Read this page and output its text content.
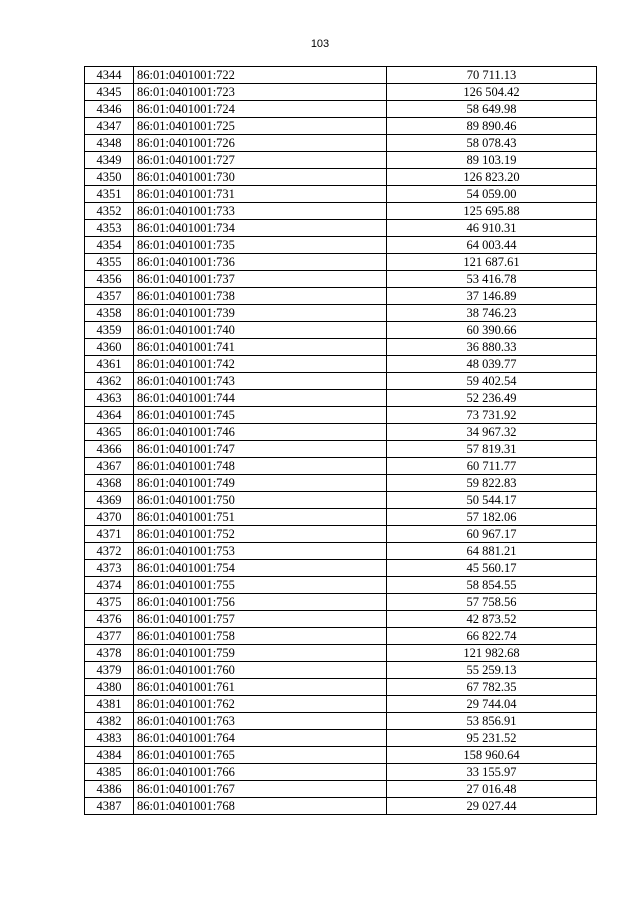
103
4344	86:01:0401001:722	70 711.13
4345	86:01:0401001:723	126 504.42
4346	86:01:0401001:724	58 649.98
4347	86:01:0401001:725	89 890.46
4348	86:01:0401001:726	58 078.43
4349	86:01:0401001:727	89 103.19
4350	86:01:0401001:730	126 823.20
4351	86:01:0401001:731	54 059.00
4352	86:01:0401001:733	125 695.88
4353	86:01:0401001:734	46 910.31
4354	86:01:0401001:735	64 003.44
4355	86:01:0401001:736	121 687.61
4356	86:01:0401001:737	53 416.78
4357	86:01:0401001:738	37 146.89
4358	86:01:0401001:739	38 746.23
4359	86:01:0401001:740	60 390.66
4360	86:01:0401001:741	36 880.33
4361	86:01:0401001:742	48 039.77
4362	86:01:0401001:743	59 402.54
4363	86:01:0401001:744	52 236.49
4364	86:01:0401001:745	73 731.92
4365	86:01:0401001:746	34 967.32
4366	86:01:0401001:747	57 819.31
4367	86:01:0401001:748	60 711.77
4368	86:01:0401001:749	59 822.83
4369	86:01:0401001:750	50 544.17
4370	86:01:0401001:751	57 182.06
4371	86:01:0401001:752	60 967.17
4372	86:01:0401001:753	64 881.21
4373	86:01:0401001:754	45 560.17
4374	86:01:0401001:755	58 854.55
4375	86:01:0401001:756	57 758.56
4376	86:01:0401001:757	42 873.52
4377	86:01:0401001:758	66 822.74
4378	86:01:0401001:759	121 982.68
4379	86:01:0401001:760	55 259.13
4380	86:01:0401001:761	67 782.35
4381	86:01:0401001:762	29 744.04
4382	86:01:0401001:763	53 856.91
4383	86:01:0401001:764	95 231.52
4384	86:01:0401001:765	158 960.64
4385	86:01:0401001:766	33 155.97
4386	86:01:0401001:767	27 016.48
4387	86:01:0401001:768	29 027.44
